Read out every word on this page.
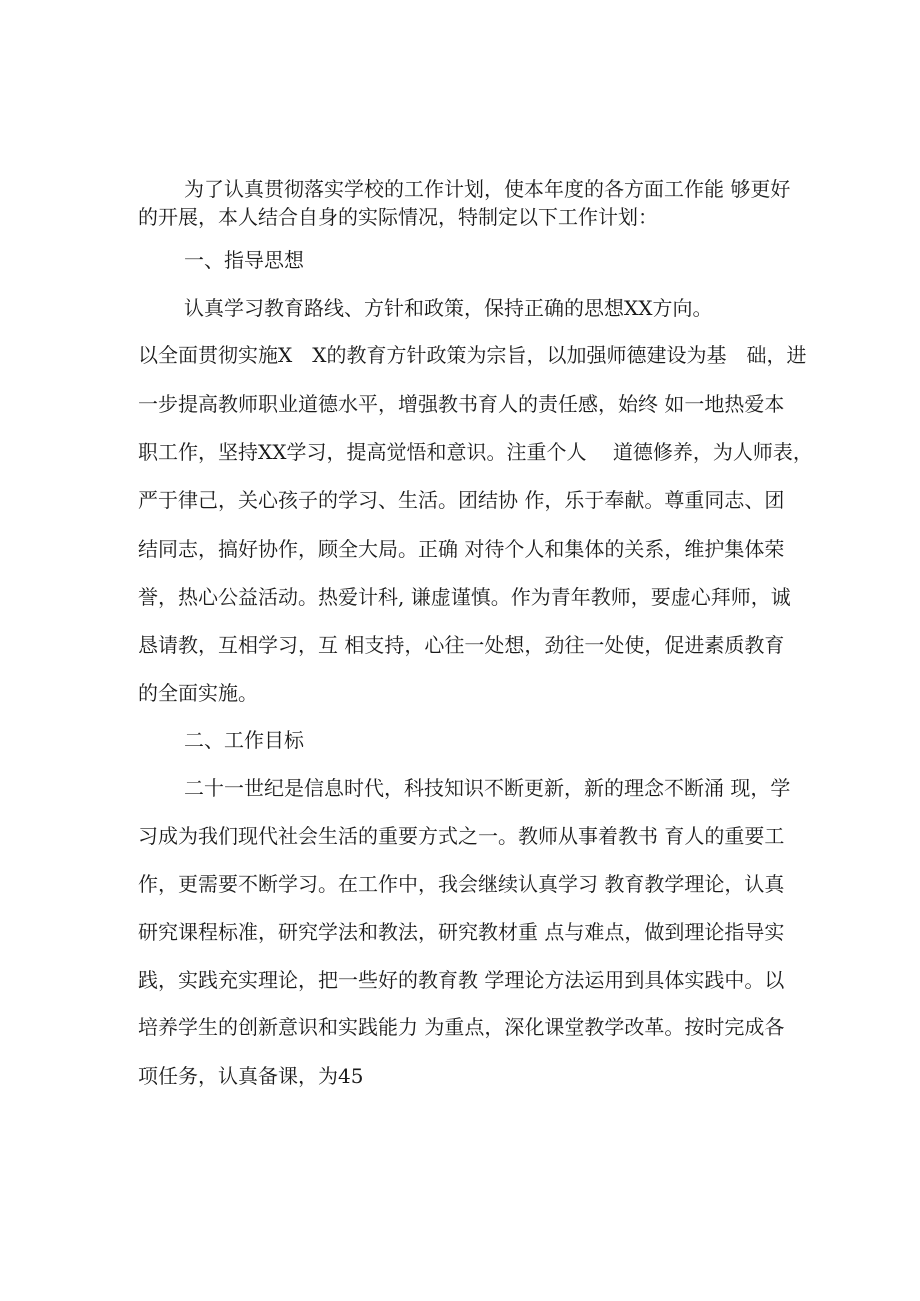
为了认真贯彻落实学校的工作计划，使本年度的各方面工作能 够更好
的开展，本人结合自身的实际情况，特制定以下工作计划：
一、指导思想
认真学习教育路线、方针和政策，保持正确的思想XX方向。
以全面贯彻实施X　X的教育方针政策为宗旨，以加强师德建设为基　础，进
一步提高教师职业道德水平，增强教书育人的责任感，始终 如一地热爱本
职工作，坚持XX学习，提高觉悟和意识。注重个人　 道德修养，为人师表，
严于律己，关心孩子的学习、生活。团结协 作，乐于奉献。尊重同志、团
结同志，搞好协作，顾全大局。正确 对待个人和集体的关系，维护集体荣
誉，热心公益活动。热爱计科, 谦虚谨慎。作为青年教师，要虚心拜师，诚
恳请教，互相学习，互 相支持，心往一处想，劲往一处使，促进素质教育
的全面实施。
二、工作目标
二十一世纪是信息时代，科技知识不断更新，新的理念不断涌 现，学
习成为我们现代社会生活的重要方式之一。教师从事着教书 育人的重要工
作，更需要不断学习。在工作中，我会继续认真学习 教育教学理论，认真
研究课程标准，研究学法和教法，研究教材重 点与难点，做到理论指导实
践，实践充实理论，把一些好的教育教 学理论方法运用到具体实践中。以
培养学生的创新意识和实践能力 为重点，深化课堂教学改革。按时完成各
项任务，认真备课，为45
